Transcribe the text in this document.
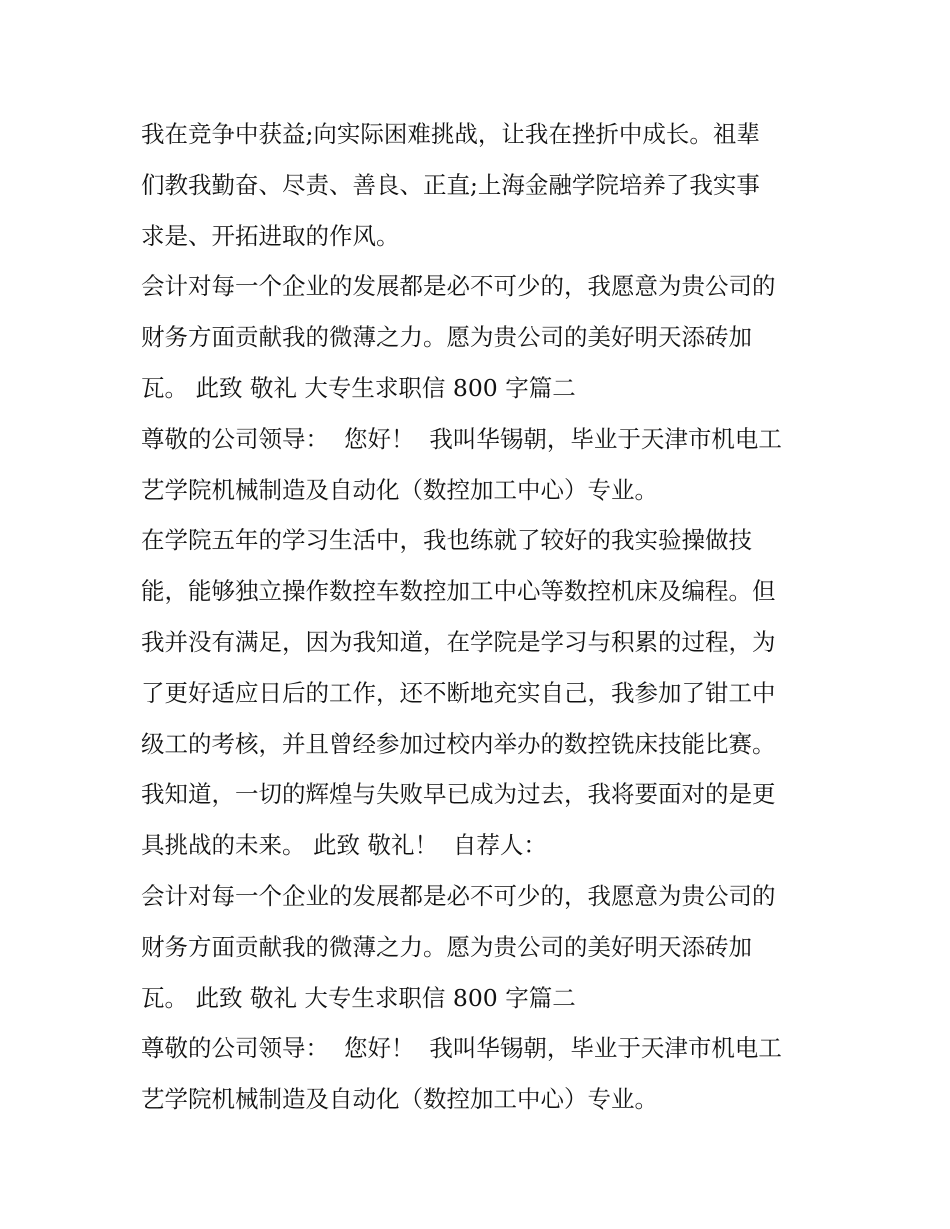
我在竞争中获益;向实际困难挑战，让我在挫折中成长。祖辈
们教我勤奋、尽责、善良、正直;上海金融学院培养了我实事
求是、开拓进取的作风。
会计对每一个企业的发展都是必不可少的，我愿意为贵公司的
财务方面贡献我的微薄之力。愿为贵公司的美好明天添砖加
瓦。 此致 敬礼 大专生求职信 800 字篇二
尊敬的公司领导：  您好！  我叫华锡朝，毕业于天津市机电工
艺学院机械制造及自动化（数控加工中心）专业。
在学院五年的学习生活中，我也练就了较好的我实验操做技
能，能够独立操作数控车数控加工中心等数控机床及编程。但
我并没有满足，因为我知道，在学院是学习与积累的过程，为
了更好适应日后的工作，还不断地充实自己，我参加了钳工中
级工的考核，并且曾经参加过校内举办的数控铣床技能比赛。
我知道，一切的辉煌与失败早已成为过去，我将要面对的是更
具挑战的未来。 此致 敬礼！  自荐人：
会计对每一个企业的发展都是必不可少的，我愿意为贵公司的
财务方面贡献我的微薄之力。愿为贵公司的美好明天添砖加
瓦。 此致 敬礼 大专生求职信 800 字篇二
尊敬的公司领导：  您好！  我叫华锡朝，毕业于天津市机电工
艺学院机械制造及自动化（数控加工中心）专业。
